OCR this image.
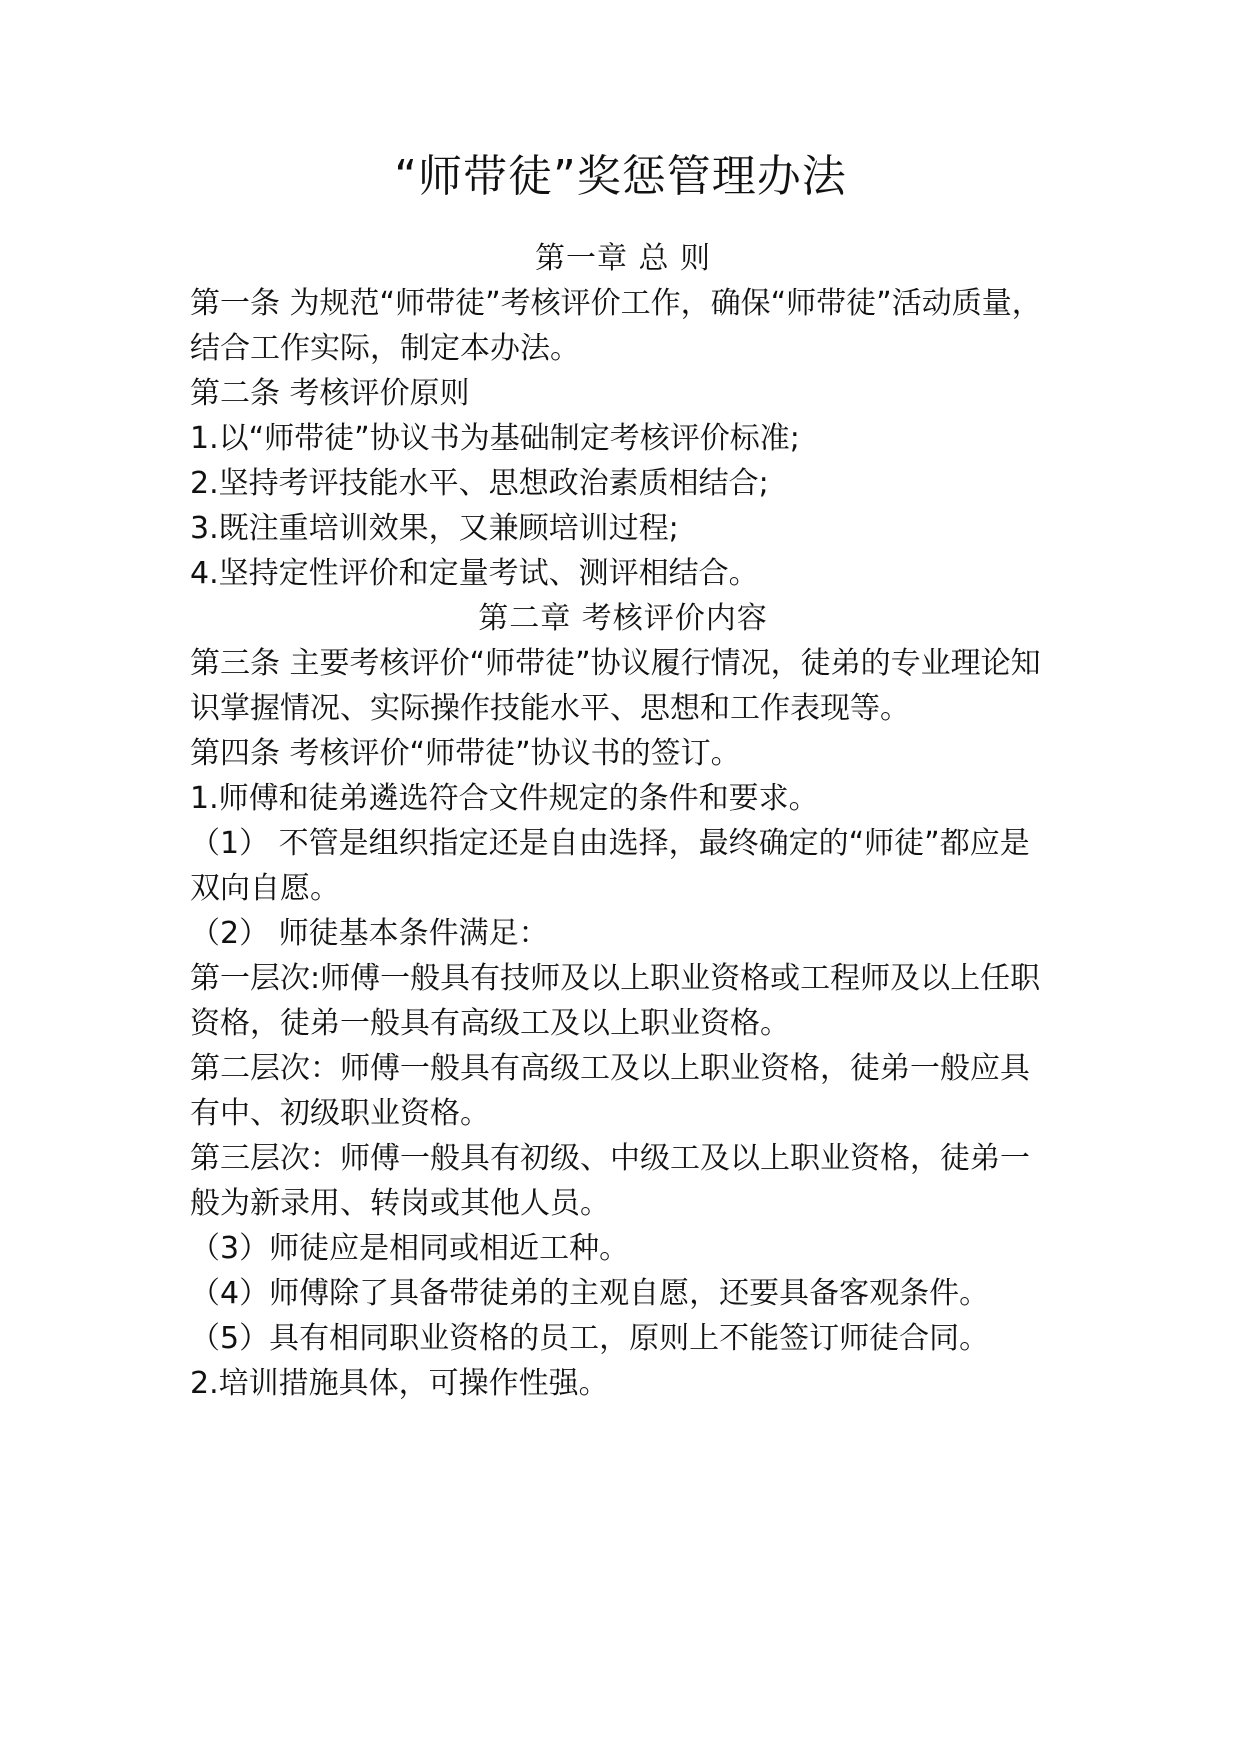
“师带徒”奖惩管理办法

第一章 总 则

第一条 为规范“师带徒”考核评价工作，确保“师带徒”活动质量，结合工作实际，制定本办法。

第二条 考核评价原则

1.以“师带徒”协议书为基础制定考核评价标准;

2.坚持考评技能水平、思想政治素质相结合;

3.既注重培训效果，又兼顾培训过程;

4.坚持定性评价和定量考试、测评相结合。

第二章 考核评价内容

第三条 主要考核评价“师带徒”协议履行情况，徒弟的专业理论知识掌握情况、实际操作技能水平、思想和工作表现等。

第四条 考核评价“师带徒”协议书的签订。

1.师傅和徒弟遴选符合文件规定的条件和要求。

（1） 不管是组织指定还是自由选择，最终确定的“师徒”都应是双向自愿。

（2） 师徒基本条件满足：

第一层次:师傅一般具有技师及以上职业资格或工程师及以上任职资格，徒弟一般具有高级工及以上职业资格。

第二层次：师傅一般具有高级工及以上职业资格，徒弟一般应具有中、初级职业资格。

第三层次：师傅一般具有初级、中级工及以上职业资格，徒弟一般为新录用、转岗或其他人员。

（3）师徒应是相同或相近工种。

（4）师傅除了具备带徒弟的主观自愿，还要具备客观条件。

（5）具有相同职业资格的员工，原则上不能签订师徒合同。

2.培训措施具体，可操作性强。
